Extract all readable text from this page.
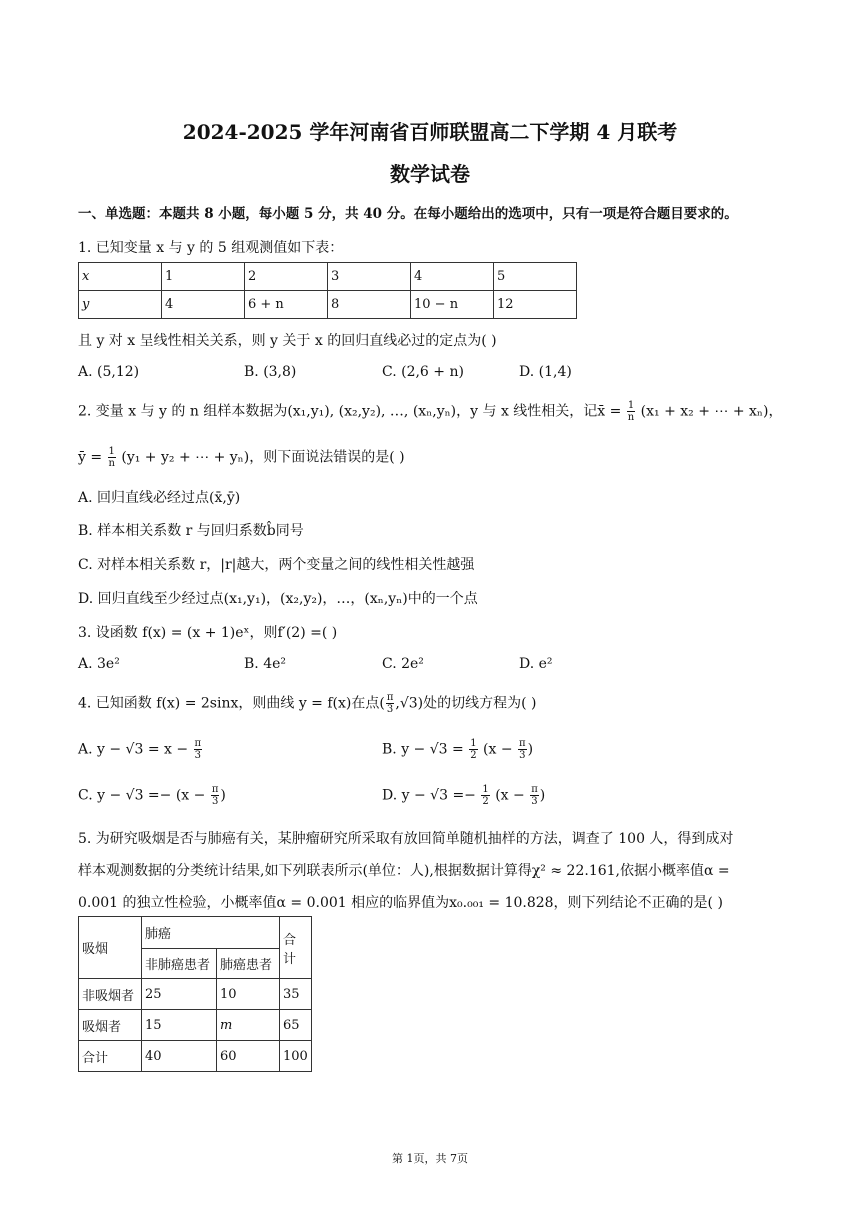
2024-2025 学年河南省百师联盟高二下学期 4 月联考
数学试卷
一、单选题：本题共 8 小题，每小题 5 分，共 40 分。在每小题给出的选项中，只有一项是符合题目要求的。
1. 已知变量 x 与 y 的 5 组观测值如下表：
x	1	2	3	4	5
y	4	6 + n	8	10 − n	12
且 y 对 x 呈线性相关关系，则 y 关于 x 的回归直线必过的定点为( )
A. (5,12)	B. (3,8)	C. (2,6 + n)	D. (1,4)
2. 变量 x 与 y 的 n 组样本数据为(x₁,y₁), (x₂,y₂), …, (xₙ,yₙ)，y 与 x 线性相关，记x̄ = $\frac{1}{n} (x_1 + x_2$ + ⋯ + xₙ)，
ȳ = $\frac{1}{n} (y_1 + y_2$ + ⋯ + yₙ)，则下面说法错误的是( )
A. 回归直线必经过点(x̄,ȳ)
B. 样本相关系数 r 与回归系数b̂同号
C. 对样本相关系数 r，|r|越大，两个变量之间的线性相关性越强
D. 回归直线至少经过点(x₁,y₁)，(x₂,y₂)，…，(xₙ,yₙ)中的一个点
3. 设函数 f(x) = (x + 1)eˣ，则f′(2) =( )
A. 3e²	B. 4e²	C. 2e²	D. e²
4. 已知函数 f(x) = 2sinx，则曲线 y = f(x)在点( $\frac{\pi}{3} ,√3$)处的切线方程为( )
A. $y - √3 = x - \frac{\pi}{3}$	B. $y - √3 = \frac{1}{2} (x - \frac{\pi}{3}$ )
C. $y - √3 =- (x - \frac{\pi}{3}$ )	D. $y - √3 =- \frac{1}{2} (x - \frac{\pi}{3}$ )
5. 为研究吸烟是否与肺癌有关，某肿瘤研究所采取有放回简单随机抽样的方法，调查了 100 人，得到成对
样本观测数据的分类统计结果,如下列联表所示(单位：人),根据数据计算得χ² ≈ 22.161,依据小概率值α =
0.001 的独立性检验，小概率值α = 0.001 相应的临界值为x₀.₀₀₁ = 10.828，则下列结论不正确的是( )
吸烟	肺癌		合计
	非肺癌患者	肺癌患者	
非吸烟者	25	10	35
吸烟者	15	m	65
合计	40	60	100
第 1页，共 7页
